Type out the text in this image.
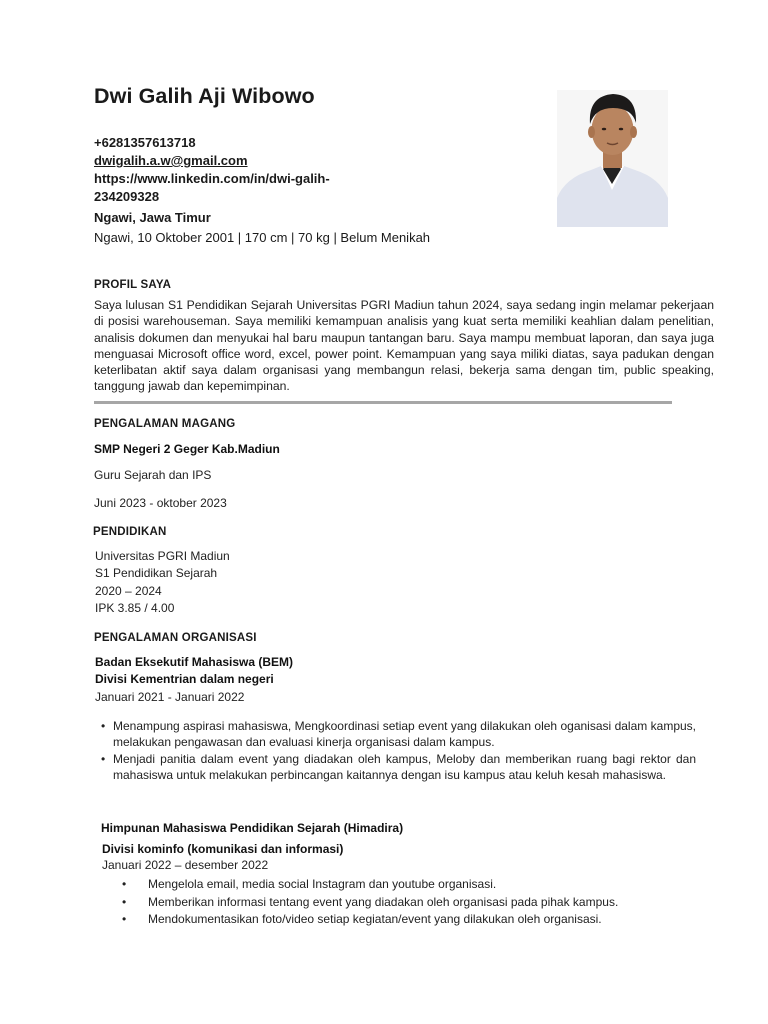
Dwi Galih Aji Wibowo
+6281357613718
dwigalih.a.w@gmail.com
https://www.linkedin.com/in/dwi-galih-234209328
Ngawi, Jawa Timur
Ngawi, 10 Oktober 2001 | 170 cm | 70 kg | Belum Menikah
PROFIL SAYA
Saya lulusan S1 Pendidikan Sejarah Universitas PGRI Madiun tahun 2024, saya sedang ingin melamar pekerjaan di posisi warehouseman. Saya memiliki kemampuan analisis yang kuat serta memiliki keahlian dalam penelitian, analisis dokumen dan menyukai hal baru maupun tantangan baru. Saya mampu membuat laporan, dan saya juga menguasai Microsoft office word, excel, power point. Kemampuan yang saya miliki diatas, saya padukan dengan keterlibatan aktif saya dalam organisasi yang membangun relasi, bekerja sama dengan tim, public speaking, tanggung jawab dan kepemimpinan.
PENGALAMAN MAGANG
SMP Negeri 2 Geger Kab.Madiun
Guru Sejarah dan IPS
Juni 2023 - oktober 2023
PENDIDIKAN
Universitas PGRI Madiun
S1 Pendidikan Sejarah
2020 – 2024
IPK 3.85 / 4.00
PENGALAMAN ORGANISASI
Badan Eksekutif Mahasiswa (BEM)
Divisi Kementrian dalam negeri
Januari 2021 - Januari 2022
• Menampung aspirasi mahasiswa, Mengkoordinasi setiap event yang dilakukan oleh oganisasi dalam kampus, melakukan pengawasan dan evaluasi kinerja organisasi dalam kampus.
• Menjadi panitia dalam event yang diadakan oleh kampus, Meloby dan memberikan ruang bagi rektor dan mahasiswa untuk melakukan perbincangan kaitannya dengan isu kampus atau keluh kesah mahasiswa.
Himpunan Mahasiswa Pendidikan Sejarah (Himadira)
Divisi kominfo (komunikasi dan informasi)
Januari 2022 – desember 2022
• Mengelola email, media social Instagram dan youtube organisasi.
• Memberikan informasi tentang event yang diadakan oleh organisasi pada pihak kampus.
• Mendokumentasikan foto/video setiap kegiatan/event yang dilakukan oleh organisasi.
